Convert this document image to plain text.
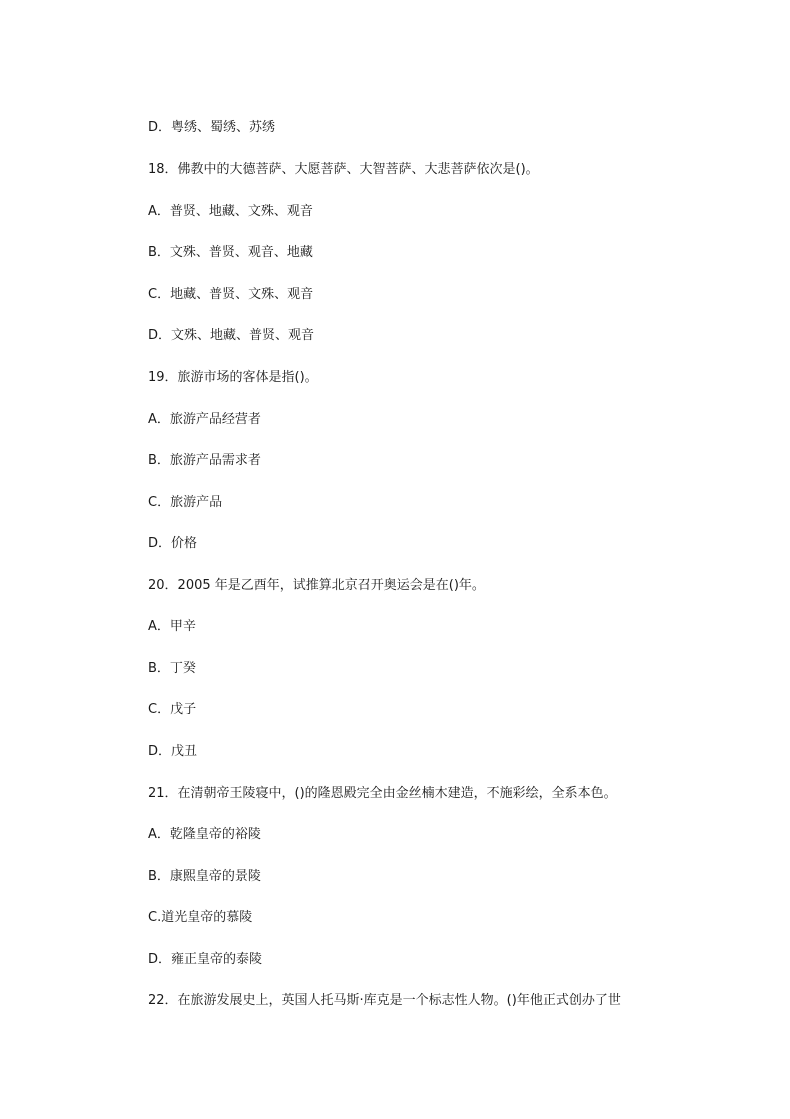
D．粤绣、蜀绣、苏绣
18．佛教中的大德菩萨、大愿菩萨、大智菩萨、大悲菩萨依次是()。
A．普贤、地藏、文殊、观音
B．文殊、普贤、观音、地藏
C．地藏、普贤、文殊、观音
D．文殊、地藏、普贤、观音
19．旅游市场的客体是指()。
A．旅游产品经营者
B．旅游产品需求者
C．旅游产品
D．价格
20．2005 年是乙酉年，试推算北京召开奥运会是在()年。
A．甲辛
B．丁癸
C．戊子
D．戊丑
21．在清朝帝王陵寝中，()的隆恩殿完全由金丝楠木建造，不施彩绘，全系本色。
A．乾隆皇帝的裕陵
B．康熙皇帝的景陵
C.道光皇帝的慕陵
D．雍正皇帝的泰陵
22．在旅游发展史上，英国人托马斯·库克是一个标志性人物。()年他正式创办了世
